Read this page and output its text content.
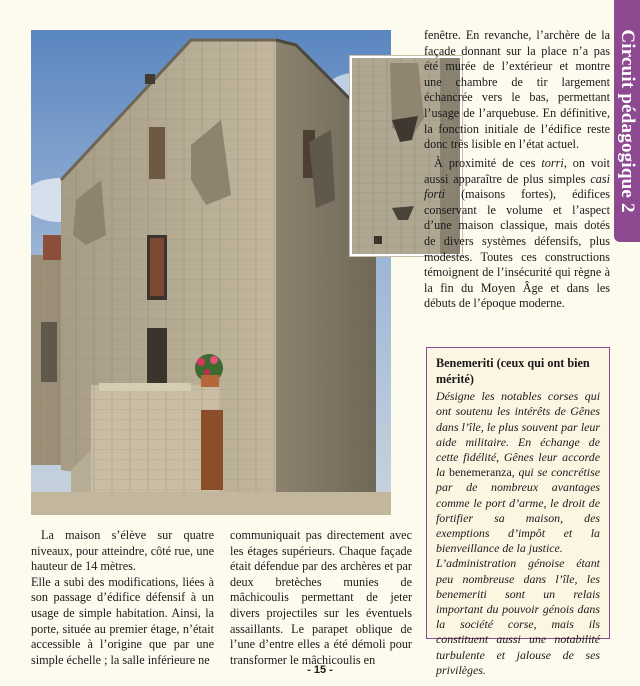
Circuit pédagogique 2

fenêtre. En revanche, l’archère de la façade donnant sur la place n’a pas été murée de l’extérieur et montre une chambre de tir largement échancrée vers le bas, permettant l’usage de l’arquebuse. En définitive, la fonction initiale de l’édifice reste donc très lisible en l’état actuel.

À proximité de ces torri, on voit aussi apparaître de plus simples casi forti (maisons fortes), édifices conservant le volume et l’aspect d’une maison classique, mais dotés de divers systèmes défensifs, plus modestes. Toutes ces constructions témoignent de l’insécurité qui règne à la fin du Moyen Âge et dans les débuts de l’époque moderne.

La maison s’élève sur quatre niveaux, pour atteindre, côté rue, une hauteur de 14 mètres.

Elle a subi des modifications, liées à son passage d’édifice défensif à un usage de simple habitation. Ainsi, la porte, située au premier étage, n’était accessible à l’origine que par une simple échelle ; la salle inférieure ne

communiquait pas directement avec les étages supérieurs. Chaque façade était défendue par des archères et par deux bretèches munies de mâchicoulis permettant de jeter divers projectiles sur les éventuels assaillants. Le parapet oblique de l’une d’entre elles a été démoli pour transformer le mâchicoulis en

Benemeriti (ceux qui ont bien mérité)

Désigne les notables corses qui ont soutenu les intérêts de Gênes dans l’île, le plus souvent par leur aide militaire. En échange de cette fidélité, Gênes leur accorde la benemeranza, qui se concrétise par de nombreux avantages comme le port d’arme, le droit de fortifier sa maison, des exemptions d’impôt et la bienveillance de la justice.

L’administration génoise étant peu nombreuse dans l’île, les benemeriti sont un relais important du pouvoir génois dans la société corse, mais ils constituent aussi une notabilité turbulente et jalouse de ses privilèges.

- 15 -
